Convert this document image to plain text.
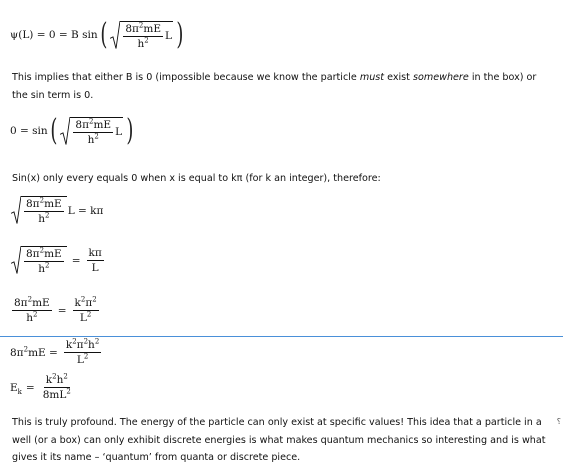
ψ(L) = 0 = B sin ( $\frac{8\pi^2mE}{h^2}$ L )

This implies that either B is 0 (impossible because we know the particle must exist somewhere in the box) or the sin term is 0.

0 = sin ( $\frac{8\pi^2mE}{h^2}$ L )

Sin(x) only every equals 0 when x is equal to kπ (for k an integer), therefore:

$\frac{8\pi^2mE}{h^2}$ L = kπ
$\frac{8\pi^2mE}{h^2} = \frac{k\pi}{L}$
$\frac{8\pi^2mE}{h^2} = \frac{k^2\pi^2}{L^2}$
$8\pi^2mE = \frac{k^2\pi^2h^2}{L^2}$
$E_k = \frac{k^2h^2}{8mL^2}$

This is truly profound. The energy of the particle can only exist at specific values! This idea that a particle in a well (or a box) can only exhibit discrete energies is what makes quantum mechanics so interesting and is what gives it its name – ‘quantum’ from quanta or discrete piece.

⸮
